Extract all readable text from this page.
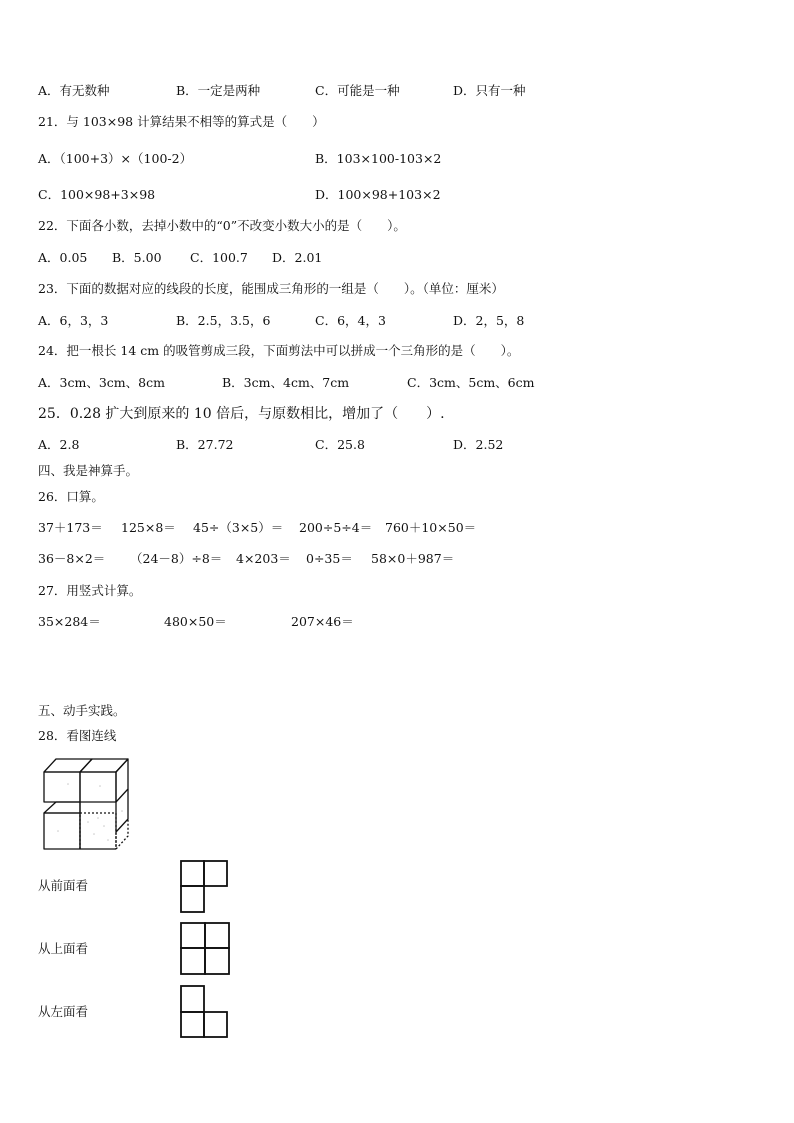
A．有无数种	B．一定是两种	C．可能是一种	D．只有一种
21．与 103×98 计算结果不相等的算式是（　　）
A．（100+3）×（100-2）	B．103×100-103×2
C．100×98+3×98	D．100×98+103×2
22．下面各小数，去掉小数中的“0”不改变小数大小的是（　　）。
A．0.05 B．5.00 C．100.7 D．2.01
23．下面的数据对应的线段的长度，能围成三角形的一组是（　　）。（单位：厘米）
A．6，3，3	B．2.5，3.5，6	C．6，4，3	D．2，5，8
24．把一根长 14 cm 的吸管剪成三段，下面剪法中可以拼成一个三角形的是（　　）。
A．3cm、3cm、8cm	B．3cm、4cm、7cm	C．3cm、5cm、6cm
25．0.28 扩大到原来的 10 倍后，与原数相比，增加了（　　）.
A．2.8	B．27.72	C．25.8	D．2.52
四、我是神算手。
26．口算。
37＋173＝ 125×8＝ 45÷（3×5）＝ 200÷5÷4＝ 760＋10×50＝
36－8×2＝ （24－8）÷8＝ 4×203＝ 0÷35＝ 58×0＋987＝
27．用竖式计算。
35×284＝	480×50＝	207×46＝
五、动手实践。
28．看图连线
从前面看
从上面看
从左面看
